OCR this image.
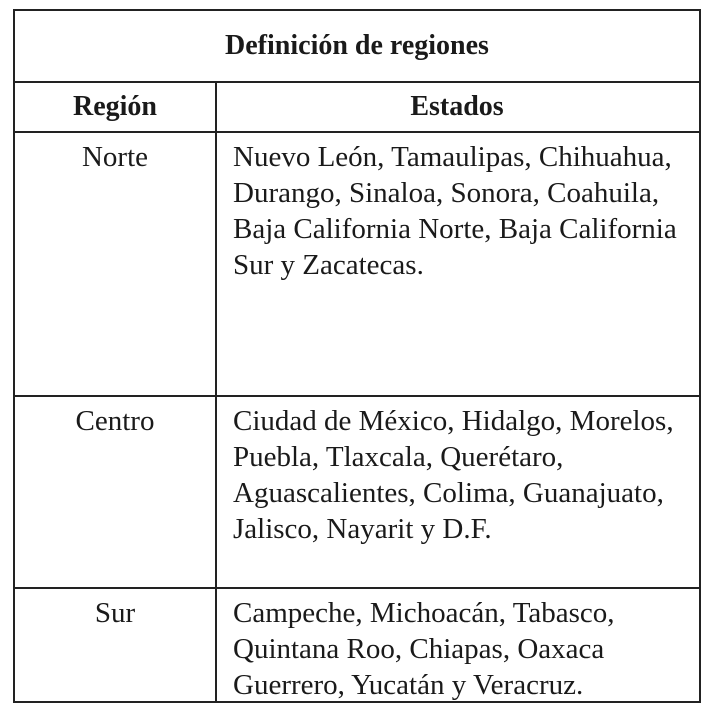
Definición de regiones
Región	Estados
Norte	Nuevo León, Tamaulipas, Chihuahua, Durango, Sinaloa, Sonora, Coahuila, Baja California Norte, Baja California Sur y Zacatecas.
Centro	Ciudad de México, Hidalgo, Morelos, Puebla, Tlaxcala, Querétaro, Aguascalientes, Colima, Guanajuato, Jalisco, Nayarit y D.F.
Sur	Campeche, Michoacán, Tabasco, Quintana Roo, Chiapas, Oaxaca Guerrero, Yucatán y Veracruz.
